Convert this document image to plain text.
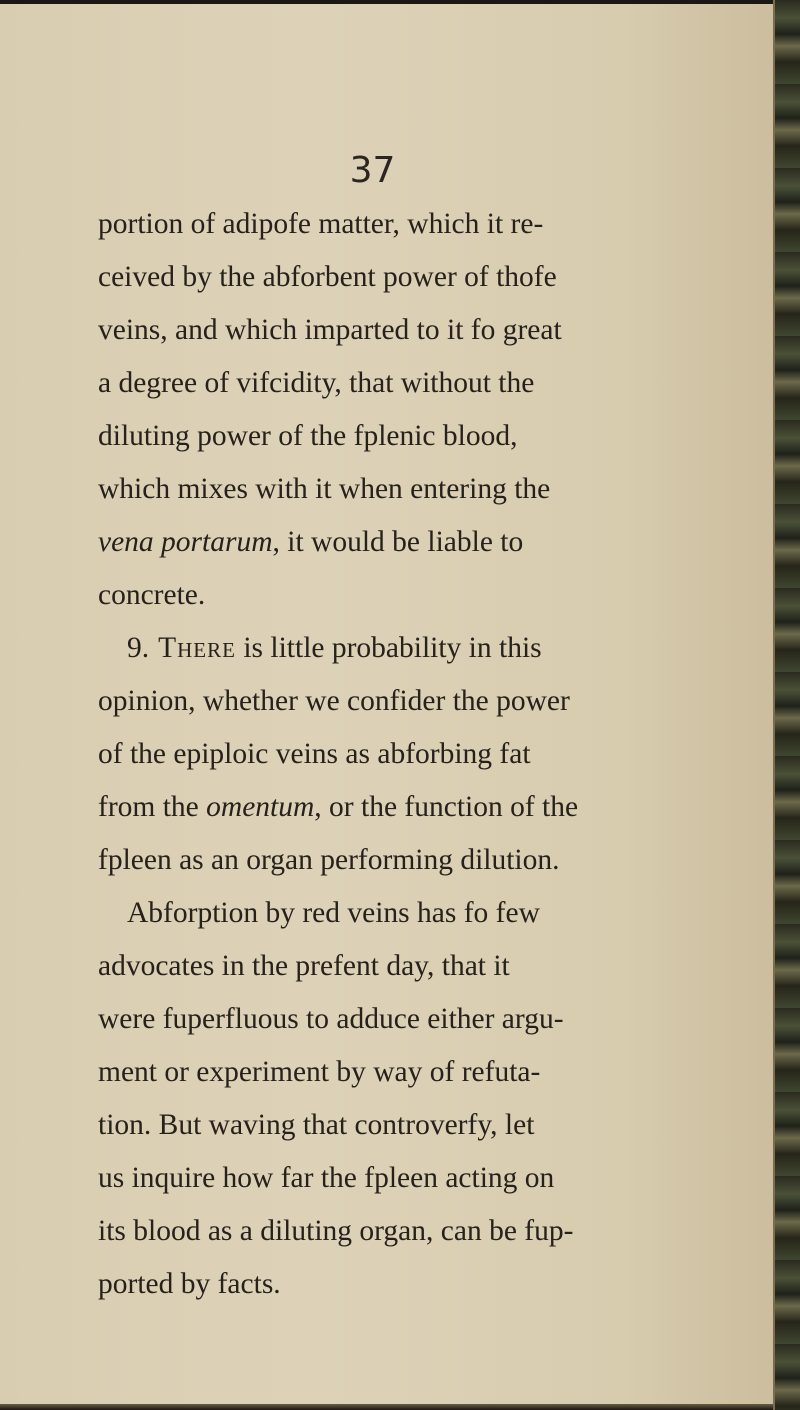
37
portion of adipofe matter, which it re-
ceived by the abforbent power of thofe
veins, and which imparted to it fo great
a degree of vifcidity, that without the
diluting power of the fplenic blood,
which mixes with it when entering the
vena portarum , it would be liable to
concrete.
9. There is little probability in this
opinion, whether we confider the power
of the epiploic veins as abforbing fat
from the omentum , or the function of the
fpleen as an organ performing dilution.
Abforption by red veins has fo few
advocates in the prefent day, that it
were fuperfluous to adduce either argu-
ment or experiment by way of refuta-
tion. But waving that controverfy, let
us inquire how far the fpleen acting on
its blood as a diluting organ, can be fup-
ported by facts.
